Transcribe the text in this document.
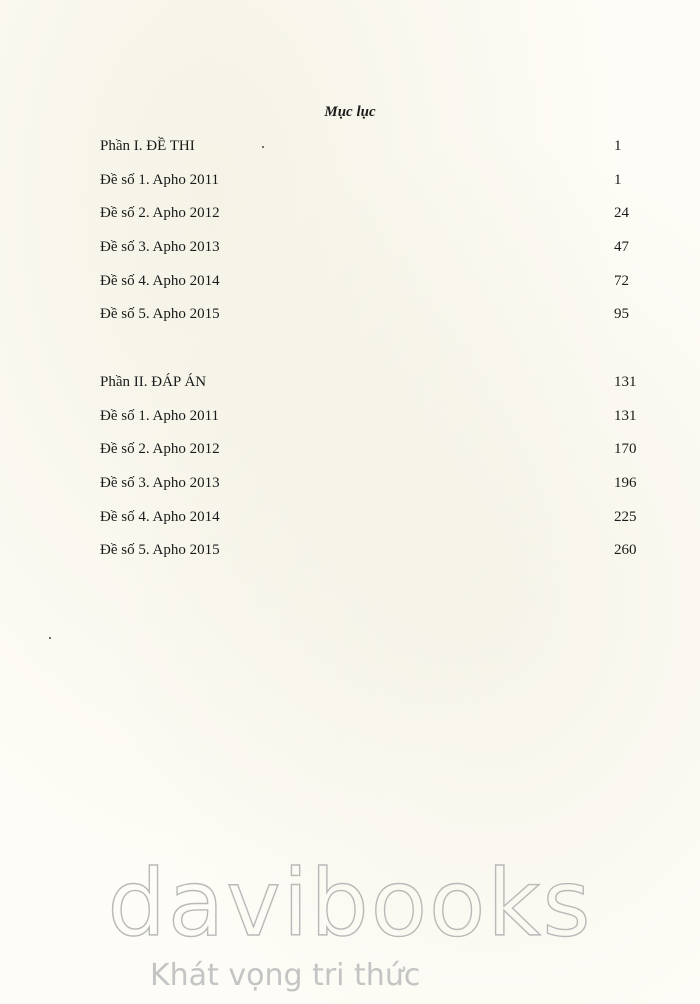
Mục lục
Phần I. ĐỀ THI	1
Đề số 1. Apho 2011	1
Đề số 2. Apho 2012	24
Đề số 3. Apho 2013	47
Đề số 4. Apho 2014	72
Đề số 5. Apho 2015	95
Phần II. ĐÁP ÁN	131
Đề số 1. Apho 2011	131
Đề số 2. Apho 2012	170
Đề số 3. Apho 2013	196
Đề số 4. Apho 2014	225
Đề số 5. Apho 2015	260
davibooks
Khát vọng tri thức
